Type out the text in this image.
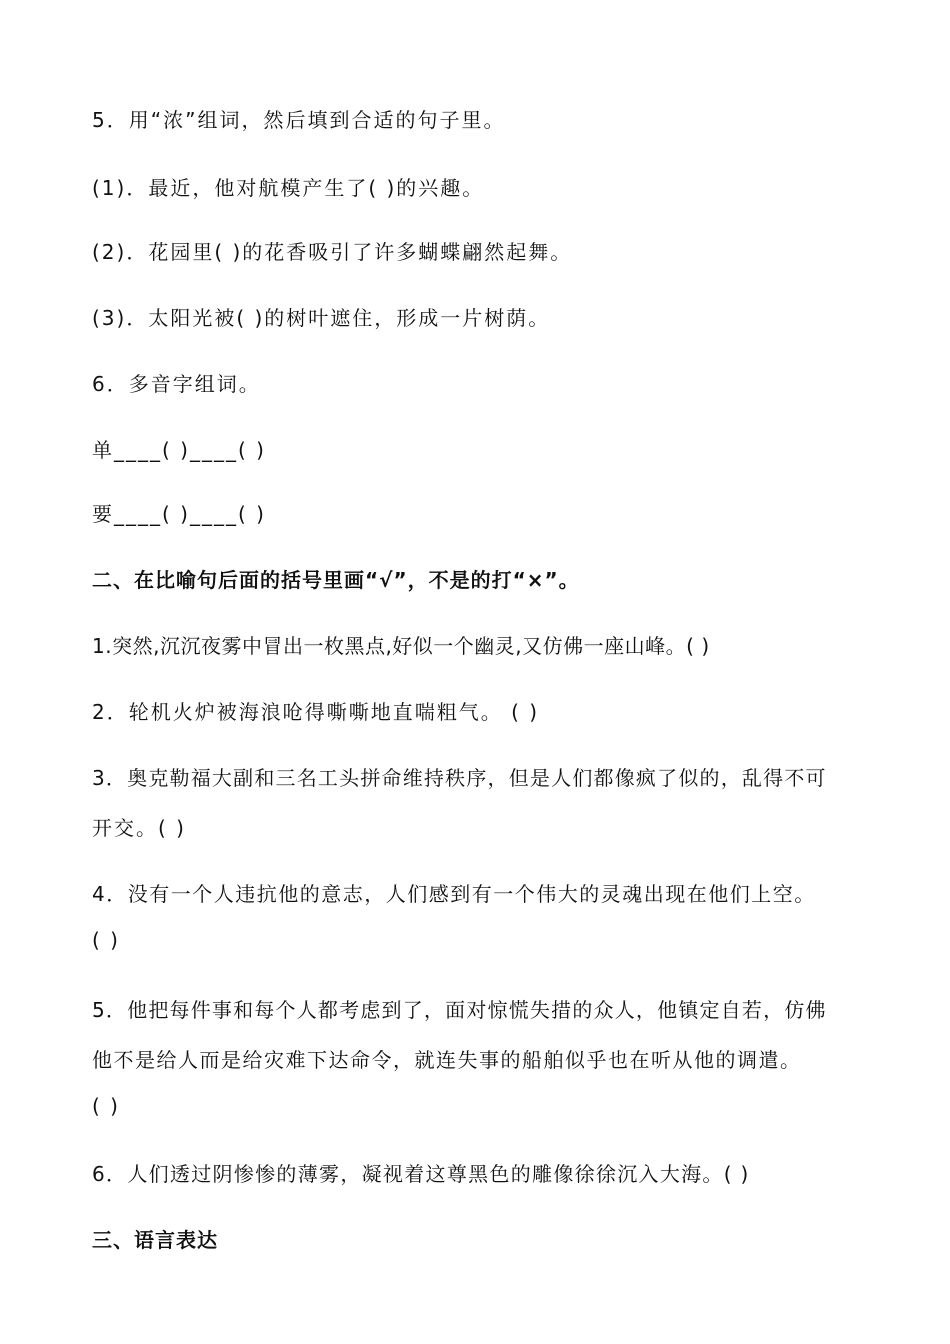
5．用“浓”组词，然后填到合适的句子里。
(1)．最近，他对航模产生了( )的兴趣。
(2)．花园里( )的花香吸引了许多蝴蝶翩然起舞。
(3)．太阳光被( )的树叶遮住，形成一片树荫。
6．多音字组词。
单____( )____( )
要____( )____( )
二、在比喻句后面的括号里画“√”，不是的打“×”。
1.突然,沉沉夜雾中冒出一枚黑点,好似一个幽灵,又仿佛一座山峰。( )
2．轮机火炉被海浪呛得嘶嘶地直喘粗气。 ( )
3．奥克勒福大副和三名工头拼命维持秩序，但是人们都像疯了似的，乱得不可
开交。( )
4．没有一个人违抗他的意志，人们感到有一个伟大的灵魂出现在他们上空。
( )
5．他把每件事和每个人都考虑到了，面对惊慌失措的众人，他镇定自若，仿佛
他不是给人而是给灾难下达命令，就连失事的船舶似乎也在听从他的调遣。
( )
6．人们透过阴惨惨的薄雾，凝视着这尊黑色的雕像徐徐沉入大海。( )
三、语言表达
